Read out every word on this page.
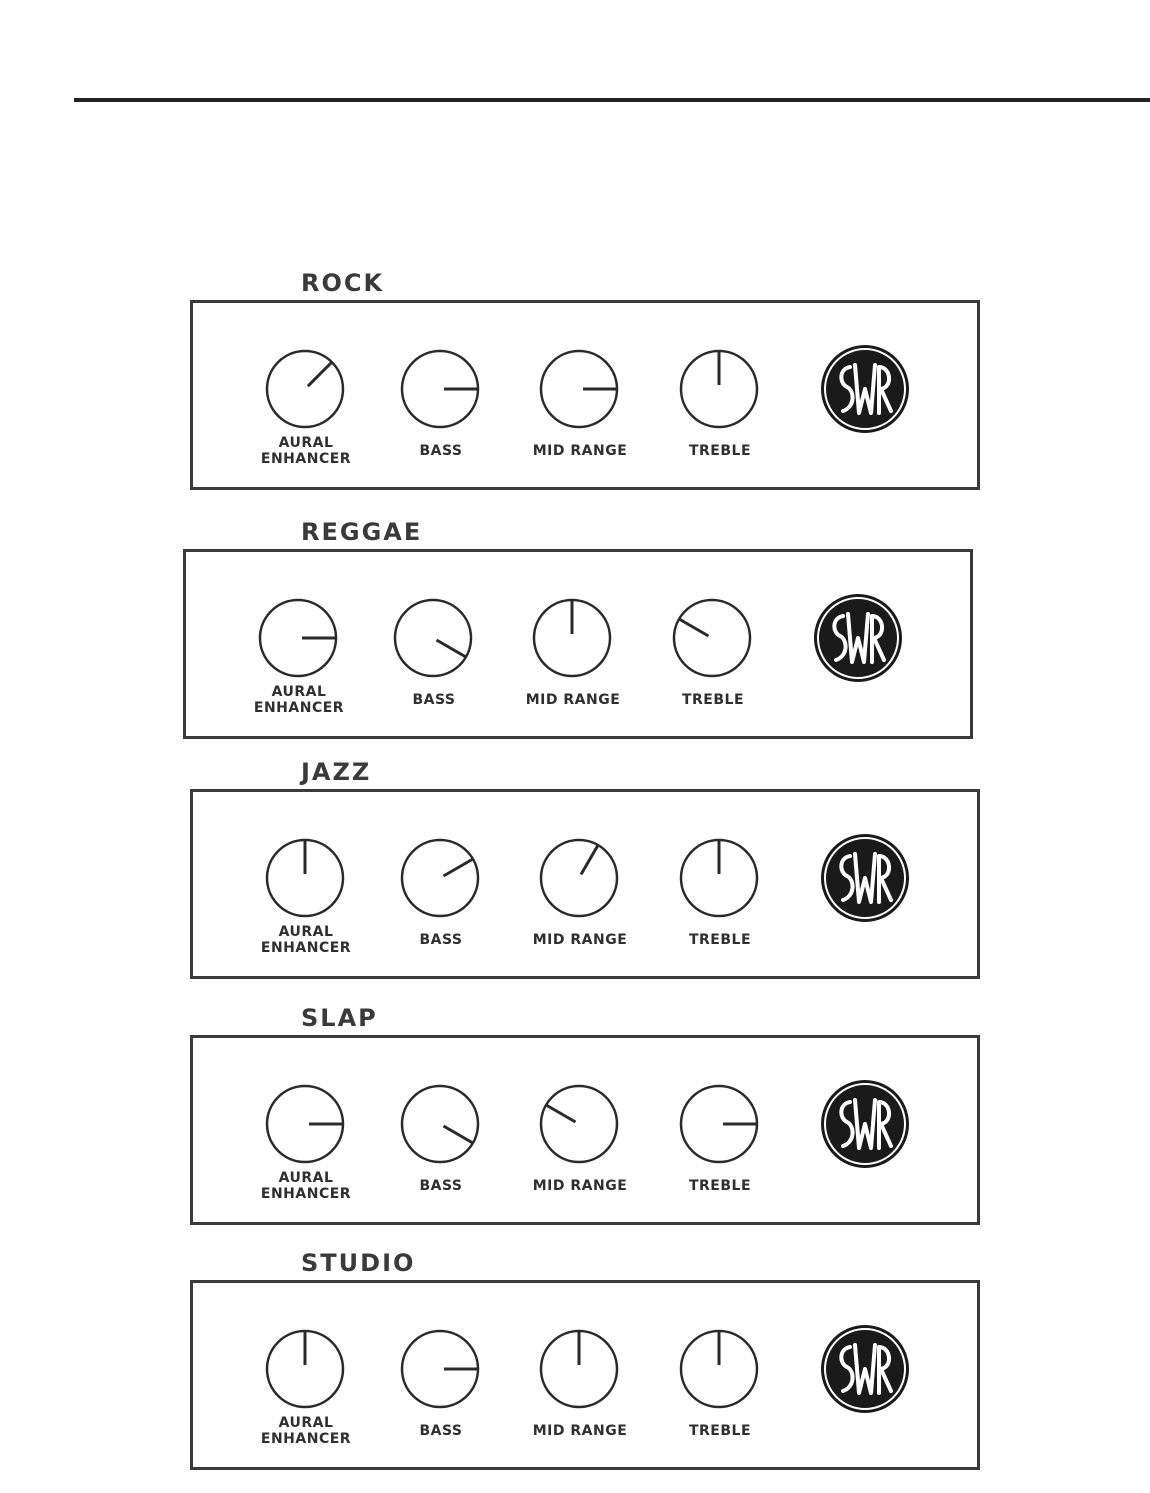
ROCK
AURAL
ENHANCER	BASS	MID RANGE	TREBLE
REGGAE
AURAL
ENHANCER	BASS	MID RANGE	TREBLE
JAZZ
AURAL
ENHANCER	BASS	MID RANGE	TREBLE
SLAP
AURAL
ENHANCER	BASS	MID RANGE	TREBLE
STUDIO
AURAL
ENHANCER	BASS	MID RANGE	TREBLE
